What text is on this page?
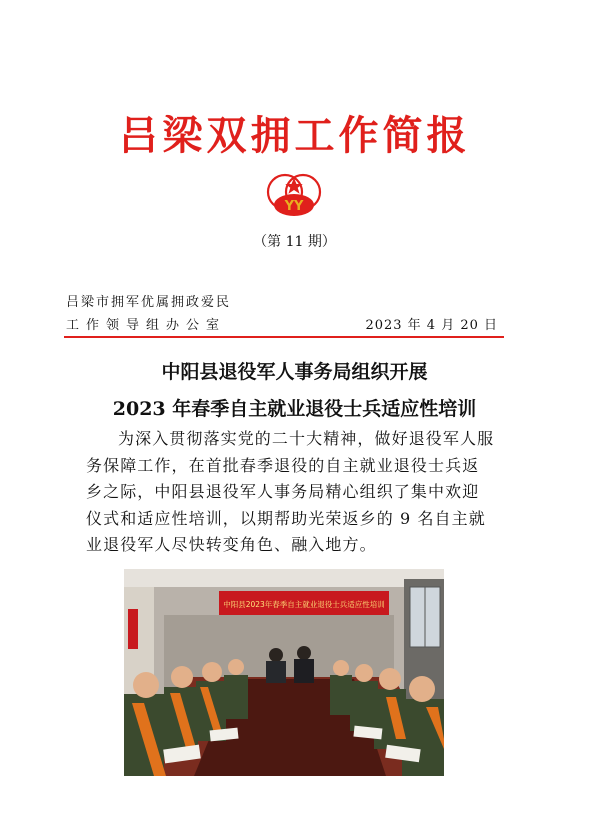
吕梁双拥工作简报
YY
（第 11 期）
吕梁市拥军优属拥政爱民
工作领导组办公室	2023 年 4 月 20 日
中阳县退役军人事务局组织开展
2023 年春季自主就业退役士兵适应性培训
为深入贯彻落实党的二十大精神，做好退役军人服
务保障工作，在首批春季退役的自主就业退役士兵返
乡之际，中阳县退役军人事务局精心组织了集中欢迎
仪式和适应性培训，以期帮助光荣返乡的 9 名自主就
业退役军人尽快转变角色、融入地方。
中阳县2023年春季自主就业退役士兵适应性培训
